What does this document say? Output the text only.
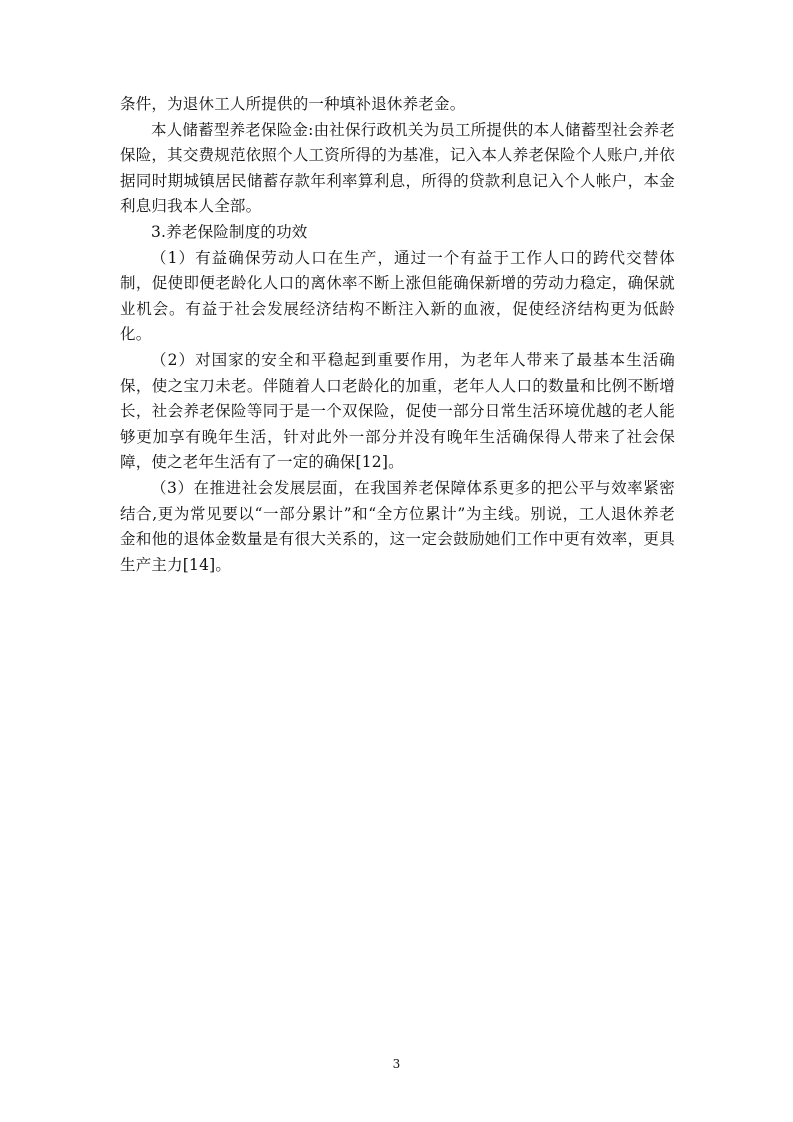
条件，为退休工人所提供的一种填补退休养老金。

本人储蓄型养老保险金:由社保行政机关为员工所提供的本人储蓄型社会养老保险，其交费规范依照个人工资所得的为基准，记入本人养老保险个人账户,并依据同时期城镇居民储蓄存款年利率算利息，所得的贷款利息记入个人帐户，本金利息归我本人全部。

3.养老保险制度的功效

（1）有益确保劳动人口在生产，通过一个有益于工作人口的跨代交替体制，促使即便老龄化人口的离休率不断上涨但能确保新增的劳动力稳定，确保就业机会。有益于社会发展经济结构不断注入新的血液，促使经济结构更为低龄化。

（2）对国家的安全和平稳起到重要作用，为老年人带来了最基本生活确保，使之宝刀未老。伴随着人口老龄化的加重，老年人人口的数量和比例不断增长，社会养老保险等同于是一个双保险，促使一部分日常生活环境优越的老人能够更加享有晚年生活，针对此外一部分并没有晚年生活确保得人带来了社会保障，使之老年生活有了一定的确保[12]。

（3）在推进社会发展层面，在我国养老保障体系更多的把公平与效率紧密结合,更为常见要以“一部分累计”和“全方位累计”为主线。别说，工人退休养老金和他的退体金数量是有很大关系的，这一定会鼓励她们工作中更有效率，更具生产主力[14]。

3
